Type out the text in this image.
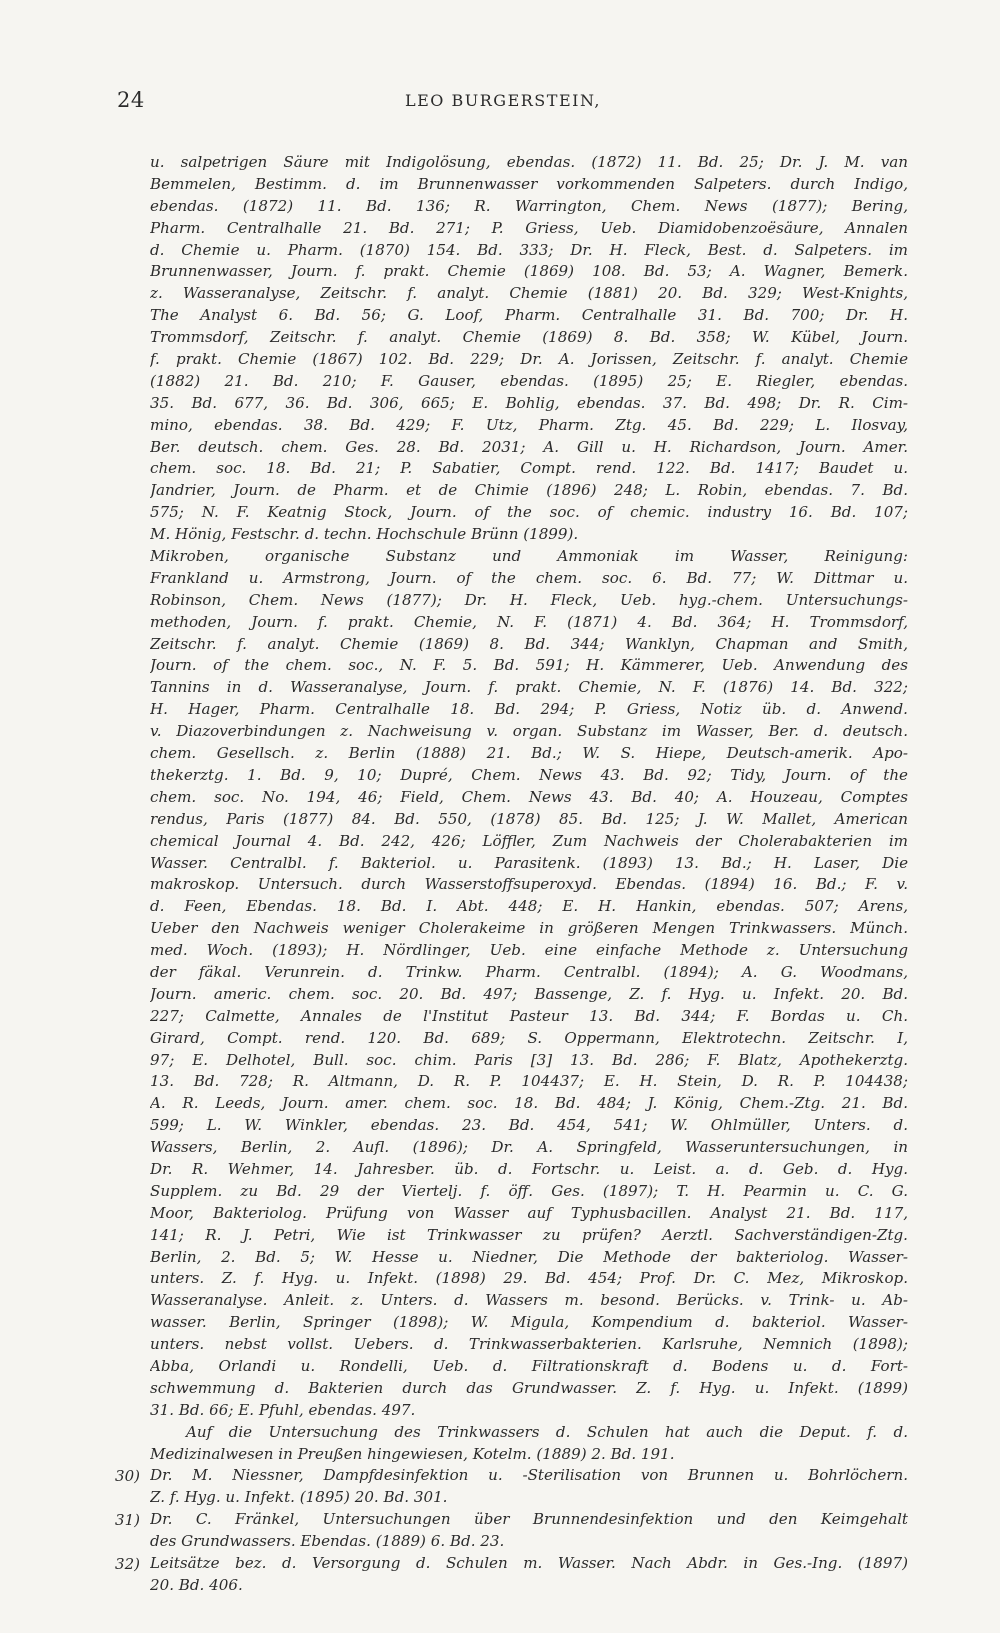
24	LEO BURGERSTEIN,
u. salpetrigen Säure mit Indigolösung, ebendas. (1872) 11. Bd. 25; Dr. J. M. van
Bemmelen, Bestimm. d. im Brunnenwasser vorkommenden Salpeters. durch Indigo,
ebendas. (1872) 11. Bd. 136; R. Warrington, Chem. News (1877); Bering,
Pharm. Centralhalle 21. Bd. 271; P. Griess, Ueb. Diamidobenzoësäure, Annalen
d. Chemie u. Pharm. (1870) 154. Bd. 333; Dr. H. Fleck, Best. d. Salpeters. im
Brunnenwasser, Journ. f. prakt. Chemie (1869) 108. Bd. 53; A. Wagner, Bemerk.
z. Wasseranalyse, Zeitschr. f. analyt. Chemie (1881) 20. Bd. 329; West-Knights,
The Analyst 6. Bd. 56; G. Loof, Pharm. Centralhalle 31. Bd. 700; Dr. H.
Trommsdorf, Zeitschr. f. analyt. Chemie (1869) 8. Bd. 358; W. Kübel, Journ.
f. prakt. Chemie (1867) 102. Bd. 229; Dr. A. Jorissen, Zeitschr. f. analyt. Chemie
(1882) 21. Bd. 210; F. Gauser, ebendas. (1895) 25; E. Riegler, ebendas.
35. Bd. 677, 36. Bd. 306, 665; E. Bohlig, ebendas. 37. Bd. 498; Dr. R. Cim-
mino, ebendas. 38. Bd. 429; F. Utz, Pharm. Ztg. 45. Bd. 229; L. Ilosvay,
Ber. deutsch. chem. Ges. 28. Bd. 2031; A. Gill u. H. Richardson, Journ. Amer.
chem. soc. 18. Bd. 21; P. Sabatier, Compt. rend. 122. Bd. 1417; Baudet u.
Jandrier, Journ. de Pharm. et de Chimie (1896) 248; L. Robin, ebendas. 7. Bd.
575; N. F. Keatnig Stock, Journ. of the soc. of chemic. industry 16. Bd. 107;
M. Hönig, Festschr. d. techn. Hochschule Brünn (1899).
Mikroben, organische Substanz und Ammoniak im Wasser, Reinigung:
Frankland u. Armstrong, Journ. of the chem. soc. 6. Bd. 77; W. Dittmar u.
Robinson, Chem. News (1877); Dr. H. Fleck, Ueb. hyg.-chem. Untersuchungs-
methoden, Journ. f. prakt. Chemie, N. F. (1871) 4. Bd. 364; H. Trommsdorf,
Zeitschr. f. analyt. Chemie (1869) 8. Bd. 344; Wanklyn, Chapman and Smith,
Journ. of the chem. soc., N. F. 5. Bd. 591; H. Kämmerer, Ueb. Anwendung des
Tannins in d. Wasseranalyse, Journ. f. prakt. Chemie, N. F. (1876) 14. Bd. 322;
H. Hager, Pharm. Centralhalle 18. Bd. 294; P. Griess, Notiz üb. d. Anwend.
v. Diazoverbindungen z. Nachweisung v. organ. Substanz im Wasser, Ber. d. deutsch.
chem. Gesellsch. z. Berlin (1888) 21. Bd.; W. S. Hiepe, Deutsch-amerik. Apo-
thekerztg. 1. Bd. 9, 10; Dupré, Chem. News 43. Bd. 92; Tidy, Journ. of the
chem. soc. No. 194, 46; Field, Chem. News 43. Bd. 40; A. Houzeau, Comptes
rendus, Paris (1877) 84. Bd. 550, (1878) 85. Bd. 125; J. W. Mallet, American
chemical Journal 4. Bd. 242, 426; Löffler, Zum Nachweis der Cholerabakterien im
Wasser. Centralbl. f. Bakteriol. u. Parasitenk. (1893) 13. Bd.; H. Laser, Die
makroskop. Untersuch. durch Wasserstoffsuperoxyd. Ebendas. (1894) 16. Bd.; F. v.
d. Feen, Ebendas. 18. Bd. I. Abt. 448; E. H. Hankin, ebendas. 507; Arens,
Ueber den Nachweis weniger Cholerakeime in größeren Mengen Trinkwassers. Münch.
med. Woch. (1893); H. Nördlinger, Ueb. eine einfache Methode z. Untersuchung
der fäkal. Verunrein. d. Trinkw. Pharm. Centralbl. (1894); A. G. Woodmans,
Journ. americ. chem. soc. 20. Bd. 497; Bassenge, Z. f. Hyg. u. Infekt. 20. Bd.
227; Calmette, Annales de l'Institut Pasteur 13. Bd. 344; F. Bordas u. Ch.
Girard, Compt. rend. 120. Bd. 689; S. Oppermann, Elektrotechn. Zeitschr. I,
97; E. Delhotel, Bull. soc. chim. Paris [3] 13. Bd. 286; F. Blatz, Apothekerztg.
13. Bd. 728; R. Altmann, D. R. P. 104437; E. H. Stein, D. R. P. 104438;
A. R. Leeds, Journ. amer. chem. soc. 18. Bd. 484; J. König, Chem.-Ztg. 21. Bd.
599; L. W. Winkler, ebendas. 23. Bd. 454, 541; W. Ohlmüller, Unters. d.
Wassers, Berlin, 2. Aufl. (1896); Dr. A. Springfeld, Wasseruntersuchungen, in
Dr. R. Wehmer, 14. Jahresber. üb. d. Fortschr. u. Leist. a. d. Geb. d. Hyg.
Supplem. zu Bd. 29 der Viertelj. f. öff. Ges. (1897); T. H. Pearmin u. C. G.
Moor, Bakteriolog. Prüfung von Wasser auf Typhusbacillen. Analyst 21. Bd. 117,
141; R. J. Petri, Wie ist Trinkwasser zu prüfen? Aerztl. Sachverständigen-Ztg.
Berlin, 2. Bd. 5; W. Hesse u. Niedner, Die Methode der bakteriolog. Wasser-
unters. Z. f. Hyg. u. Infekt. (1898) 29. Bd. 454; Prof. Dr. C. Mez, Mikroskop.
Wasseranalyse. Anleit. z. Unters. d. Wassers m. besond. Berücks. v. Trink- u. Ab-
wasser. Berlin, Springer (1898); W. Migula, Kompendium d. bakteriol. Wasser-
unters. nebst vollst. Uebers. d. Trinkwasserbakterien. Karlsruhe, Nemnich (1898);
Abba, Orlandi u. Rondelli, Ueb. d. Filtrationskraft d. Bodens u. d. Fort-
schwemmung d. Bakterien durch das Grundwasser. Z. f. Hyg. u. Infekt. (1899)
31. Bd. 66; E. Pfuhl, ebendas. 497.
Auf die Untersuchung des Trinkwassers d. Schulen hat auch die Deput. f. d.
Medizinalwesen in Preußen hingewiesen, Kotelm. (1889) 2. Bd. 191.
Dr. M. Niessner, Dampfdesinfektion u. -Sterilisation von Brunnen u. Bohrlöchern.
Z. f. Hyg. u. Infekt. (1895) 20. Bd. 301.
Dr. C. Fränkel, Untersuchungen über Brunnendesinfektion und den Keimgehalt
des Grundwassers. Ebendas. (1889) 6. Bd. 23.
Leitsätze bez. d. Versorgung d. Schulen m. Wasser. Nach Abdr. in Ges.-Ing. (1897)
20. Bd. 406.
30)
31)
32)
